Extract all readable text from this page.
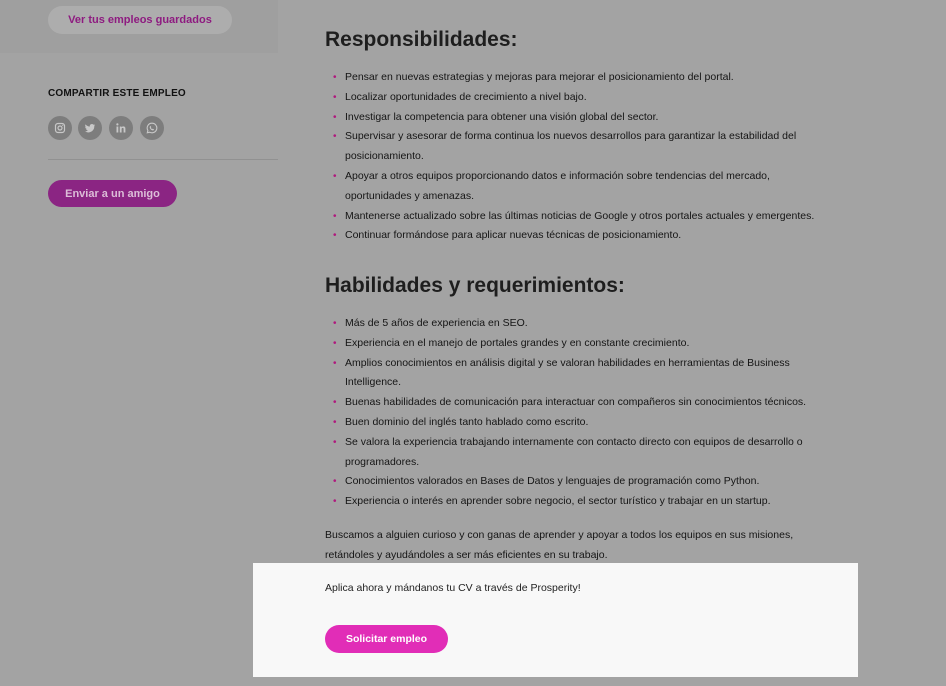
Ver tus empleos guardados
COMPARTIR ESTE EMPLEO
Enviar a un amigo
Responsibilidades:
• Pensar en nuevas estrategias y mejoras para mejorar el posicionamiento del portal.
• Localizar oportunidades de crecimiento a nivel bajo.
• Investigar la competencia para obtener una visión global del sector.
• Supervisar y asesorar de forma continua los nuevos desarrollos para garantizar la estabilidad del posicionamiento.
• Apoyar a otros equipos proporcionando datos e información sobre tendencias del mercado, oportunidades y amenazas.
• Mantenerse actualizado sobre las últimas noticias de Google y otros portales actuales y emergentes.
• Continuar formándose para aplicar nuevas técnicas de posicionamiento.
Habilidades y requerimientos:
• Más de 5 años de experiencia en SEO.
• Experiencia en el manejo de portales grandes y en constante crecimiento.
• Amplios conocimientos en análisis digital y se valoran habilidades en herramientas de Business Intelligence.
• Buenas habilidades de comunicación para interactuar con compañeros sin conocimientos técnicos.
• Buen dominio del inglés tanto hablado como escrito.
• Se valora la experiencia trabajando internamente con contacto directo con equipos de desarrollo o programadores.
• Conocimientos valorados en Bases de Datos y lenguajes de programación como Python.
• Experiencia o interés en aprender sobre negocio, el sector turístico y trabajar en un startup.

Buscamos a alguien curioso y con ganas de aprender y apoyar a todos los equipos en sus misiones, retándoles y ayudándoles a ser más eficientes en su trabajo.

Aplica ahora y mándanos tu CV a través de Prosperity!
Solicitar empleo
